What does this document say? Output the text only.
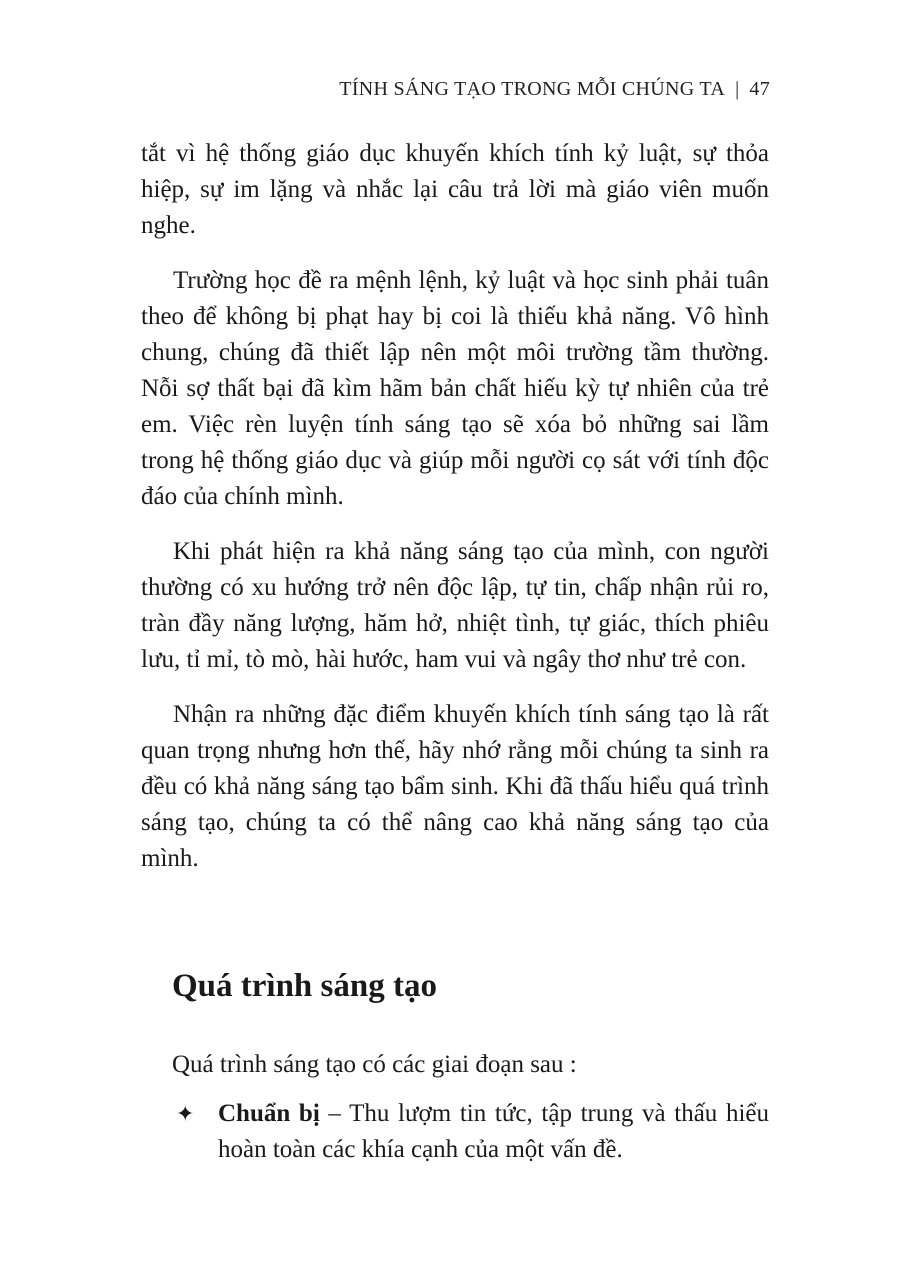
TÍNH SÁNG TẠO TRONG MỖI CHÚNG TA | 47

tắt vì hệ thống giáo dục khuyến khích tính kỷ luật, sự thỏa hiệp, sự im lặng và nhắc lại câu trả lời mà giáo viên muốn nghe.

Trường học đề ra mệnh lệnh, kỷ luật và học sinh phải tuân theo để không bị phạt hay bị coi là thiếu khả năng. Vô hình chung, chúng đã thiết lập nên một môi trường tầm thường. Nỗi sợ thất bại đã kìm hãm bản chất hiếu kỳ tự nhiên của trẻ em. Việc rèn luyện tính sáng tạo sẽ xóa bỏ những sai lầm trong hệ thống giáo dục và giúp mỗi người cọ sát với tính độc đáo của chính mình.

Khi phát hiện ra khả năng sáng tạo của mình, con người thường có xu hướng trở nên độc lập, tự tin, chấp nhận rủi ro, tràn đầy năng lượng, hăm hở, nhiệt tình, tự giác, thích phiêu lưu, tỉ mỉ, tò mò, hài hước, ham vui và ngây thơ như trẻ con.

Nhận ra những đặc điểm khuyến khích tính sáng tạo là rất quan trọng nhưng hơn thế, hãy nhớ rằng mỗi chúng ta sinh ra đều có khả năng sáng tạo bẩm sinh. Khi đã thấu hiểu quá trình sáng tạo, chúng ta có thể nâng cao khả năng sáng tạo của mình.

Quá trình sáng tạo

Quá trình sáng tạo có các giai đoạn sau :

✦ Chuẩn bị – Thu lượm tin tức, tập trung và thấu hiểu hoàn toàn các khía cạnh của một vấn đề.
